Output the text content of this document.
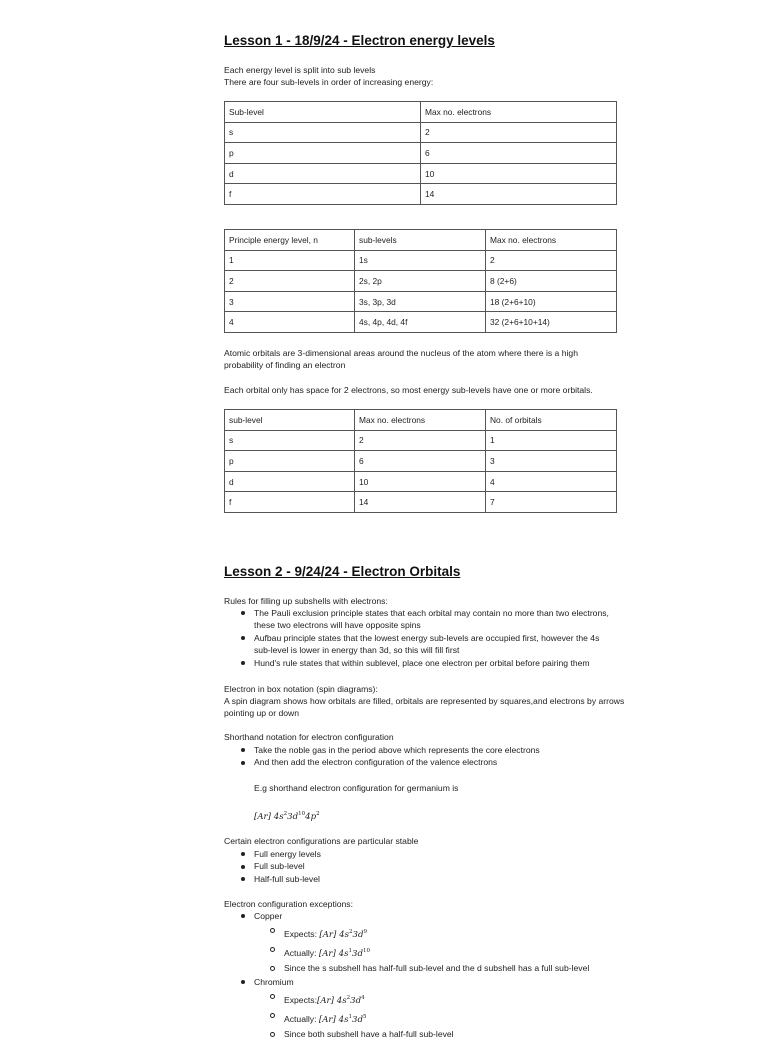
Lesson 1 - 18/9/24 - Electron energy levels
Each energy level is split into sub levels
There are four sub-levels in order of increasing energy:
Sub-level	Max no. electrons
s	2
p	6
d	10
f	14
Principle energy level, n	sub-levels	Max no. electrons
1	1s	2
2	2s, 2p	8 (2+6)
3	3s, 3p, 3d	18 (2+6+10)
4	4s, 4p, 4d, 4f	32 (2+6+10+14)
Atomic orbitals are 3-dimensional areas around the nucleus of the atom where there is a high
probability of finding an electron
Each orbital only has space for 2 electrons, so most energy sub-levels have one or more orbitals.
sub-level	Max no. electrons	No. of orbitals
s	2	1
p	6	3
d	10	4
f	14	7
Lesson 2 - 9/24/24 - Electron Orbitals
Rules for filling up subshells with electrons:
The Pauli exclusion principle states that each orbital may contain no more than two electrons,
these two electrons will have opposite spins
Aufbau principle states that the lowest energy sub-levels are occupied first, however the 4s
sub-level is lower in energy than 3d, so this will fill first
Hund's rule states that within sublevel, place one electron per orbital before pairing them
Electron in box notation (spin diagrams):
A spin diagram shows how orbitals are filled, orbitals are represented by squares,and electrons by arrows
pointing up or down
Shorthand notation for electron configuration
Take the noble gas in the period above which represents the core electrons
And then add the electron configuration of the valence electrons
E.g shorthand electron configuration for germanium is
[Ar] $4s^23d^{10}4p^2$
Certain electron configurations are particular stable
Full energy levels
Full sub-level
Half-full sub-level
Electron configuration exceptions:
Copper
Expects: [Ar] $4s^23d^9$
Actually: [Ar] $4s^13d^{10}$
Since the s subshell has half-full sub-level and the d subshell has a full sub-level
Chromium
Expects:[Ar] $4s^23d^4$
Actually: [Ar] $4s^13d^5$
Since both subshell have a half-full sub-level
